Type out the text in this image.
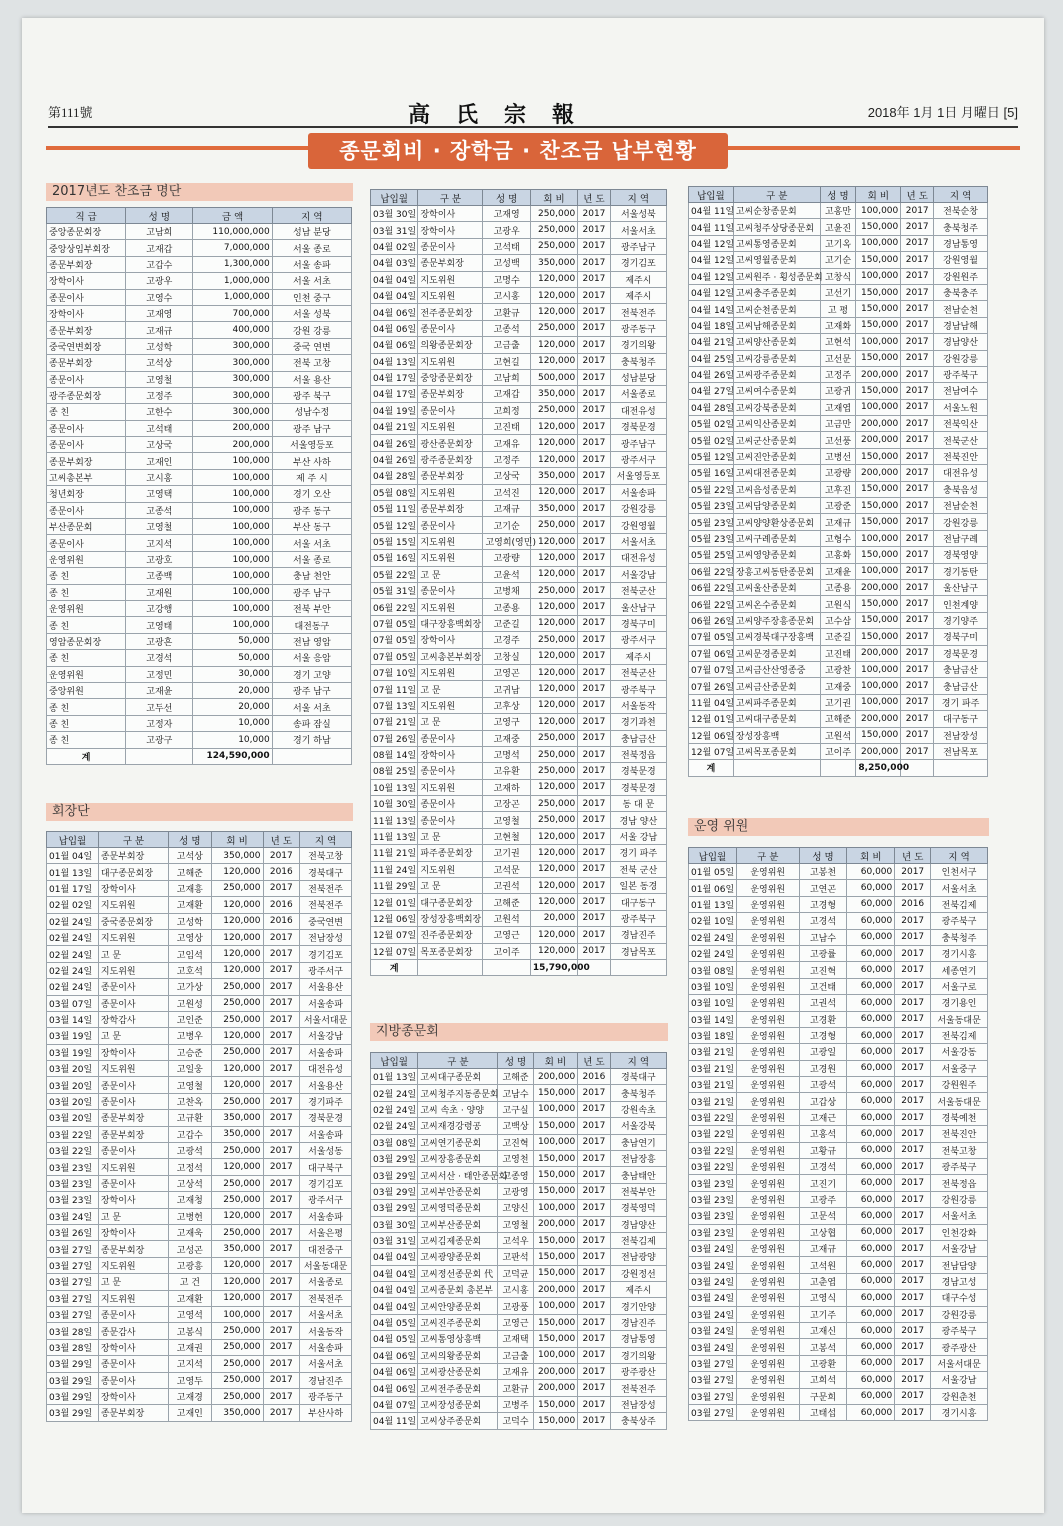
第111號	高氏宗報	2018年 1月 1日 月曜日 [5]
종문회비 · 장학금 · 찬조금 납부현황
2017년도 찬조금 명단
직 급	성 명	금 액	지 역
중앙종문회장	고남희	110,000,000	성남 분당
중앙상임부회장	고재갑	7,000,000	서울 종로
종문부회장	고갑수	1,300,000	서울 송파
장학이사	고광우	1,000,000	서울 서초
종문이사	고영수	1,000,000	인천 중구
장학이사	고재영	700,000	서울 성북
종문부회장	고재규	400,000	강원 강릉
중국연변회장	고성학	300,000	중국 연변
종문부회장	고석상	300,000	전북 고창
종문이사	고영철	300,000	서울 용산
광주종문회장	고정주	300,000	광주 북구
종 친	고한수	300,000	성남수정
종문이사	고석태	200,000	광주 남구
종문이사	고상국	200,000	서울영등포
종문부회장	고재인	100,000	부산 사하
고씨총본부	고시홍	100,000	제 주 시
청년회장	고영택	100,000	경기 오산
종문이사	고종석	100,000	광주 동구
부산종문회	고영철	100,000	부산 동구
종문이사	고지석	100,000	서울 서초
운영위원	고광호	100,000	서울 종로
종 친	고종백	100,000	충남 천안
종 친	고재원	100,000	광주 남구
운영위원	고강행	100,000	전북 부안
종 친	고영태	100,000	대전동구
영암종문회장	고광흔	50,000	전남 영암
종 친	고경석	50,000	서울 응암
운영위원	고정민	30,000	경기 고양
중앙위원	고재윤	20,000	광주 남구
종 친	고두선	20,000	서울 서초
종 친	고정자	10,000	송파 잠실
종 친	고광구	10,000	경기 하남
계		124,590,000	
회장단
납입월	구 분	성 명	회 비	년 도	지 역
01월 04일	종문부회장	고석상	350,000	2017	전북고창
01월 13일	대구종문회장	고해준	120,000	2016	경북대구
01월 17일	장학이사	고재흥	250,000	2017	전북전주
02월 02일	지도위원	고재환	120,000	2016	전북전주
02월 24일	중국종문회장	고성학	120,000	2016	중국연변
02월 24일	지도위원	고영상	120,000	2017	전남장성
02월 24일	고 문	고임석	120,000	2017	경기김포
02월 24일	지도위원	고호석	120,000	2017	광주서구
02월 24일	종문이사	고가상	250,000	2017	서울용산
03월 07일	종문이사	고원성	250,000	2017	서울송파
03월 14일	장학감사	고인준	250,000	2017	서울서대문
03월 19일	고 문	고병우	120,000	2017	서울강남
03월 19일	장학이사	고승준	250,000	2017	서울송파
03월 20일	지도위원	고일웅	120,000	2017	대전유성
03월 20일	종문이사	고영철	120,000	2017	서울용산
03월 20일	종문이사	고찬옥	250,000	2017	경기파주
03월 20일	종문부회장	고규환	350,000	2017	경북문경
03월 22일	종문부회장	고갑수	350,000	2017	서울송파
03월 22일	종문이사	고광석	250,000	2017	서울성동
03월 23일	지도위원	고정석	120,000	2017	대구북구
03월 23일	종문이사	고상석	250,000	2017	경기김포
03월 23일	장학이사	고재청	250,000	2017	광주서구
03월 24일	고 문	고병헌	120,000	2017	서울송파
03월 26일	장학이사	고재욱	250,000	2017	서울은평
03월 27일	종문부회장	고성곤	350,000	2017	대전중구
03월 27일	지도위원	고광흥	120,000	2017	서울동대문
03월 27일	고 문	고 건	120,000	2017	서울종로
03월 27일	지도위원	고재환	120,000	2017	전북전주
03월 27일	종문이사	고영석	100,000	2017	서울서초
03월 28일	종문감사	고봉식	250,000	2017	서울동작
03월 28일	장학이사	고재권	250,000	2017	서울송파
03월 29일	종문이사	고지석	250,000	2017	서울서초
03월 29일	종문이사	고영두	250,000	2017	경남진주
03월 29일	장학이사	고재경	250,000	2017	광주동구
03월 29일	종문부회장	고재인	350,000	2017	부산사하
납입월	구 분	성 명	회 비	년 도	지 역
03월 30일	장학이사	고재영	250,000	2017	서울성북
03월 31일	장학이사	고광우	250,000	2017	서울서초
04월 02일	종문이사	고석태	250,000	2017	광주남구
04월 03일	종문부회장	고성백	350,000	2017	경기김포
04월 04일	지도위원	고명수	120,000	2017	제주시
04월 04일	지도위원	고시홍	120,000	2017	제주시
04월 06일	전주종문회장	고환규	120,000	2017	전북전주
04월 06일	종문이사	고종석	250,000	2017	광주동구
04월 06일	의왕종문회장	고금출	120,000	2017	경기의왕
04월 13일	지도위원	고현길	120,000	2017	충북청주
04월 17일	중앙종문회장	고남희	500,000	2017	성남분당
04월 17일	종문부회장	고재갑	350,000	2017	서울종로
04월 19일	종문이사	고희정	250,000	2017	대전유성
04월 21일	지도위원	고진태	120,000	2017	경북문경
04월 26일	광산종문회장	고재유	120,000	2017	광주남구
04월 26일	광주종문회장	고정주	120,000	2017	광주서구
04월 28일	종문부회장	고상국	350,000	2017	서울영등포
05월 08일	지도위원	고석진	120,000	2017	서울송파
05월 11일	종문부회장	고재규	350,000	2017	강원강릉
05월 12일	종문이사	고기순	250,000	2017	강원영월
05월 15일	지도위원	고영희(영민)	120,000	2017	서울서초
05월 16일	지도위원	고광량	120,000	2017	대전유성
05월 22일	고 문	고윤석	120,000	2017	서울강남
05월 31일	종문이사	고병채	250,000	2017	전북군산
06월 22일	지도위원	고종용	120,000	2017	울산남구
07월 05일	대구장흥백회장	고준길	120,000	2017	경북구미
07월 05일	장학이사	고경주	250,000	2017	광주서구
07월 05일	고씨총본부회장	고창실	120,000	2017	제주시
07월 10일	지도위원	고영곤	120,000	2017	전북군산
07월 11일	고 문	고귀남	120,000	2017	광주북구
07월 13일	지도위원	고후상	120,000	2017	서울동작
07월 21일	고 문	고영구	120,000	2017	경기과천
07월 26일	종문이사	고재중	250,000	2017	충남금산
08월 14일	장학이사	고명석	250,000	2017	전북정읍
08월 25일	종문이사	고유환	250,000	2017	경북문경
10월 13일	지도위원	고재하	120,000	2017	경북문경
10월 30일	종문이사	고장곤	250,000	2017	동 대 문
11월 13일	종문이사	고영철	250,000	2017	경남 양산
11월 13일	고 문	고현철	120,000	2017	서울 강남
11월 21일	파주종문회장	고기권	120,000	2017	경기 파주
11월 24일	지도위원	고석문	120,000	2017	전북 군산
11월 29일	고 문	고권석	120,000	2017	일본 동경
12월 01일	대구종문회장	고해준	120,000	2017	대구동구
12월 06일	장성장흥백회장	고원석	20,000	2017	광주북구
12월 07일	진주종문회장	고영근	120,000	2017	경남진주
12월 07일	목포종문회장	고이주	120,000	2017	경남목포
계			15,790,000		
지방종문회
납입월	구 분	성 명	회 비	년 도	지 역
01월 13일	고씨대구종문회	고해준	200,000	2016	경북대구
02월 24일	고씨청주지동종문회	고남수	150,000	2017	충북청주
02월 24일	고씨 속초 · 양양	고구실	100,000	2017	강원속초
02월 24일	고씨재경강령공	고백상	150,000	2017	서울강북
03월 08일	고씨연기종문회	고진혁	100,000	2017	충남연기
03월 29일	고씨장흥종문회	고영천	150,000	2017	전남장흥
03월 29일	고씨서산 · 태안종문회	고종영	150,000	2017	충남태안
03월 29일	고씨부안종문회	고광영	150,000	2017	전북부안
03월 29일	고씨영덕종문회	고양신	100,000	2017	경북영덕
03월 30일	고씨부산종문회	고영철	200,000	2017	경남양산
03월 31일	고씨김제종문회	고석우	150,000	2017	전북김제
04월 04일	고씨광양종문회	고판석	150,000	2017	전남광양
04월 04일	고씨정선종문회 代	고덕균	150,000	2017	강원정선
04월 04일	고씨종문회 총본부	고시홍	200,000	2017	제주시
04월 04일	고씨안양종문회	고광풍	100,000	2017	경기안양
04월 05일	고씨진주종문회	고영근	150,000	2017	경남진주
04월 05일	고씨통영상흥백	고재택	150,000	2017	경남통영
04월 06일	고씨의왕종문회	고금출	100,000	2017	경기의왕
04월 06일	고씨광산종문회	고재유	200,000	2017	광주광산
04월 06일	고씨전주종문회	고환규	200,000	2017	전북전주
04월 07일	고씨장성종문회	고병주	150,000	2017	전남장성
04월 11일	고씨상주종문회	고덕수	150,000	2017	충북상주
납입월	구 분	성 명	회 비	년 도	지 역
04월 11일	고씨순창종문회	고홍만	100,000	2017	전북순창
04월 11일	고씨청주상당종문회	고윤진	150,000	2017	충북청주
04월 12일	고씨통영종문회	고기옥	100,000	2017	경남통영
04월 12일	고씨영월종문회	고기순	150,000	2017	강원영월
04월 12일	고씨원주 · 횡성종문회	고창식	100,000	2017	강원원주
04월 12일	고씨충주종문회	고선기	150,000	2017	충북충주
04월 14일	고씨순천종문회	고 평	150,000	2017	전남순천
04월 18일	고씨남해종문회	고재화	150,000	2017	경남남해
04월 21일	고씨양산종문회	고현석	100,000	2017	경남양산
04월 25일	고씨강릉종문회	고선문	150,000	2017	강원강릉
04월 26일	고씨광주종문회	고정주	200,000	2017	광주북구
04월 27일	고씨여수종문회	고광귀	150,000	2017	전남여수
04월 28일	고씨강북종문회	고재엽	100,000	2017	서울노원
05월 02일	고씨익산종문회	고금만	200,000	2017	전북익산
05월 02일	고씨군산종문회	고선풍	200,000	2017	전북군산
05월 12일	고씨진안종문회	고병선	150,000	2017	전북진안
05월 16일	고씨대전종문회	고광량	200,000	2017	대전유성
05월 22일	고씨음성종문회	고후진	150,000	2017	충북음성
05월 23일	고씨담양종문회	고광준	150,000	2017	전남순천
05월 23일	고씨양양환상종문회	고재규	150,000	2017	강원강릉
05월 23일	고씨구례종문회	고형수	100,000	2017	전남구례
05월 25일	고씨영양종문회	고홍화	150,000	2017	경북영양
06월 22일	장흥고씨동탄종문회	고재윤	100,000	2017	경기동탄
06월 22일	고씨울산종문회	고종용	200,000	2017	울산남구
06월 22일	고씨온수종문회	고원식	150,000	2017	인천계양
06월 26일	고씨양주장흥종문회	고수삼	150,000	2017	경기양주
07월 05일	고씨경북대구장흥백	고준길	150,000	2017	경북구미
07월 06일	고씨문경종문회	고진태	200,000	2017	경북문경
07월 07일	고씨금산산영종중	고광찬	100,000	2017	충남금산
07월 26일	고씨금산종문회	고재중	100,000	2017	충남금산
11월 04일	고씨파주종문회	고기권	100,000	2017	경기 파주
12월 01일	고씨대구종문회	고해준	200,000	2017	대구동구
12월 06일	장성장흥백	고원석	150,000	2017	전남장성
12월 07일	고씨목포종문회	고이주	200,000	2017	전남목포
계			8,250,000		
운영 위원
납입월	구 분	성 명	회 비	년 도	지 역
01월 05일	운영위원	고봉천	60,000	2017	인천서구
01월 06일	운영위원	고연곤	60,000	2017	서울서초
01월 13일	운영위원	고경형	60,000	2016	전북김제
02월 10일	운영위원	고경석	60,000	2017	광주북구
02월 24일	운영위원	고남수	60,000	2017	충북청주
02월 24일	운영위원	고광률	60,000	2017	경기시흥
03월 08일	운영위원	고진혁	60,000	2017	세종연기
03월 10일	운영위원	고건태	60,000	2017	서울구로
03월 10일	운영위원	고권석	60,000	2017	경기용인
03월 14일	운영위원	고경환	60,000	2017	서울동대문
03월 18일	운영위원	고경형	60,000	2017	전북김제
03월 21일	운영위원	고광일	60,000	2017	서울강동
03월 21일	운영위원	고경원	60,000	2017	서울중구
03월 21일	운영위원	고광석	60,000	2017	강원원주
03월 21일	운영위원	고갑상	60,000	2017	서울동대문
03월 22일	운영위원	고재근	60,000	2017	경북예천
03월 22일	운영위원	고홍석	60,000	2017	전북진안
03월 22일	운영위원	고황규	60,000	2017	전북고창
03월 22일	운영위원	고경석	60,000	2017	광주북구
03월 23일	운영위원	고진기	60,000	2017	전북정읍
03월 23일	운영위원	고광주	60,000	2017	강원강릉
03월 23일	운영위원	고문석	60,000	2017	서울서초
03월 23일	운영위원	고상협	60,000	2017	인천강화
03월 24일	운영위원	고재규	60,000	2017	서울강남
03월 24일	운영위원	고석원	60,000	2017	전남담양
03월 24일	운영위원	고춘엽	60,000	2017	경남고성
03월 24일	운영위원	고영식	60,000	2017	대구수성
03월 24일	운영위원	고기주	60,000	2017	강원강릉
03월 24일	운영위원	고재신	60,000	2017	광주북구
03월 24일	운영위원	고봉석	60,000	2017	광주광산
03월 27일	운영위원	고광환	60,000	2017	서울서대문
03월 27일	운영위원	고희석	60,000	2017	서울강남
03월 27일	운영위원	구문희	60,000	2017	강원춘천
03월 27일	운영위원	고태섭	60,000	2017	경기시흥
